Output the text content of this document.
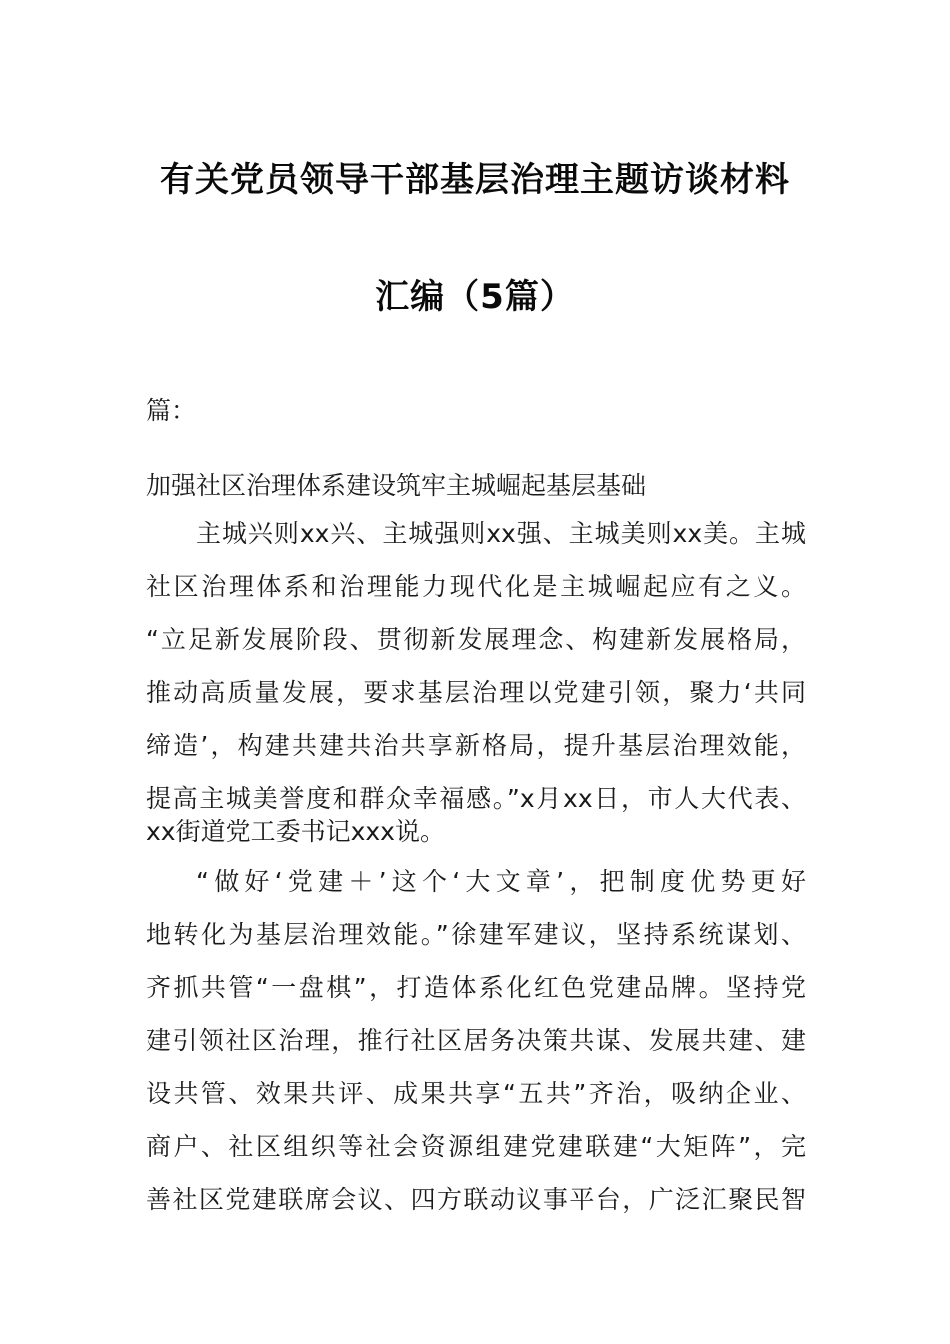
有关党员领导干部基层治理主题访谈材料
汇编（5篇）
篇：
加强社区治理体系建设筑牢主城崛起基层基础
主城兴则xx兴、主城强则xx强、主城美则xx美。主城
社区治理体系和治理能力现代化是主城崛起应有之义。
“立足新发展阶段、贯彻新发展理念、构建新发展格局，
推动高质量发展，要求基层治理以党建引领，聚力‘共同
缔造’，构建共建共治共享新格局，提升基层治理效能，
提高主城美誉度和群众幸福感。”x月xx日，市人大代表、
xx街道党工委书记xxx说。
“做好‘党建＋’这个‘大文章’，把制度优势更好
地转化为基层治理效能。”徐建军建议，坚持系统谋划、
齐抓共管“一盘棋”，打造体系化红色党建品牌。坚持党
建引领社区治理，推行社区居务决策共谋、发展共建、建
设共管、效果共评、成果共享“五共”齐治，吸纳企业、
商户、社区组织等社会资源组建党建联建“大矩阵”，完
善社区党建联席会议、四方联动议事平台，广泛汇聚民智
